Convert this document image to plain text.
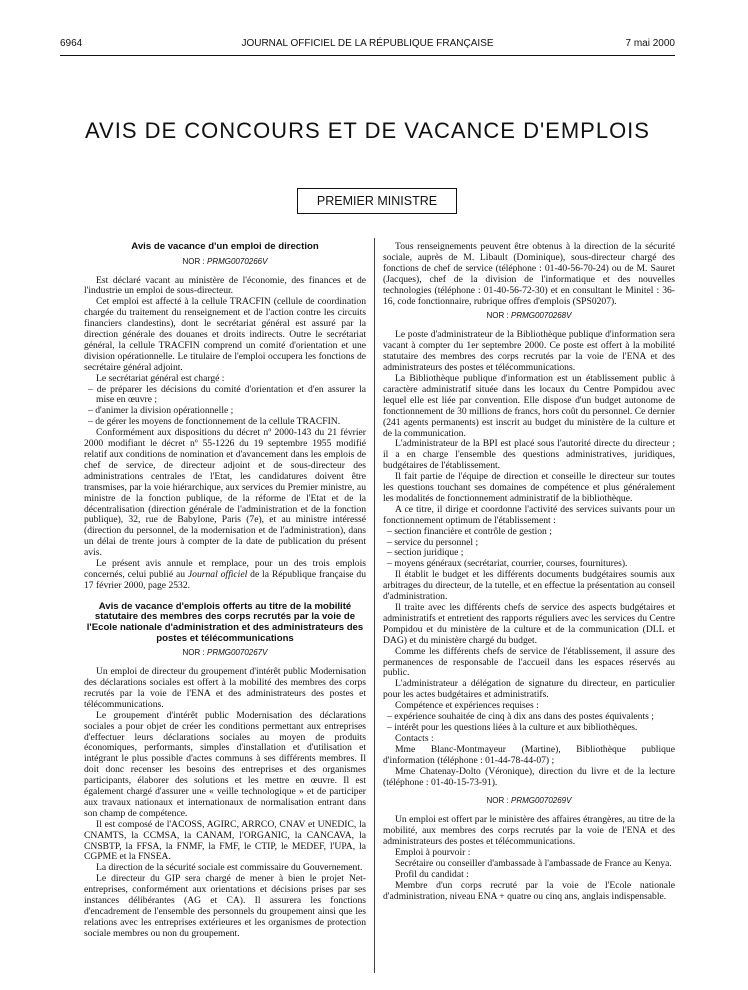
6964	JOURNAL OFFICIEL DE LA RÉPUBLIQUE FRANÇAISE	7 mai 2000
AVIS DE CONCOURS ET DE VACANCE D'EMPLOIS
PREMIER MINISTRE
Avis de vacance d'un emploi de direction
NOR : PRMG0070266V

Est déclaré vacant au ministère de l'économie, des finances et de l'industrie un emploi de sous-directeur.

Cet emploi est affecté à la cellule TRACFIN (cellule de coordination chargée du traitement du renseignement et de l'action contre les circuits financiers clandestins), dont le secrétariat général est assuré par la direction générale des douanes et droits indirects. Outre le secrétariat général, la cellule TRACFIN comprend un comité d'orientation et une division opérationnelle. Le titulaire de l'emploi occupera les fonctions de secrétaire général adjoint.

Le secrétariat général est chargé :

– de préparer les décisions du comité d'orientation et d'en assurer la mise en œuvre ;
– d'animer la division opérationnelle ;
– de gérer les moyens de fonctionnement de la cellule TRACFIN.

Conformément aux dispositions du décret nº 2000-143 du 21 février 2000 modifiant le décret nº 55-1226 du 19 septembre 1955 modifié relatif aux conditions de nomination et d'avancement dans les emplois de chef de service, de directeur adjoint et de sous-directeur des administrations centrales de l'Etat, les candidatures doivent être transmises, par la voie hiérarchique, aux services du Premier ministre, au ministre de la fonction publique, de la réforme de l'Etat et de la décentralisation (direction générale de l'administration et de la fonction publique), 32, rue de Babylone, Paris (7e), et au ministre intéressé (direction du personnel, de la modernisation et de l'administration), dans un délai de trente jours à compter de la date de publication du présent avis.

Le présent avis annule et remplace, pour un des trois emplois concernés, celui publié au Journal officiel de la République française du 17 février 2000, page 2532.

Avis de vacance d'emplois offerts au titre de la mobilité statutaire des membres des corps recrutés par la voie de l'Ecole nationale d'administration et des administrateurs des postes et télécommunications
NOR : PRMG0070267V

Un emploi de directeur du groupement d'intérêt public Modernisation des déclarations sociales est offert à la mobilité des membres des corps recrutés par la voie de l'ENA et des administrateurs des postes et télécommunications.

Le groupement d'intérêt public Modernisation des déclarations sociales a pour objet de créer les conditions permettant aux entreprises d'effectuer leurs déclarations sociales au moyen de produits économiques, performants, simples d'installation et d'utilisation et intégrant le plus possible d'actes communs à ses différents membres. Il doit donc recenser les besoins des entreprises et des organismes participants, élaborer des solutions et les mettre en œuvre. Il est également chargé d'assurer une « veille technologique » et de participer aux travaux nationaux et internationaux de normalisation entrant dans son champ de compétence.

Il est composé de l'ACOSS, AGIRC, ARRCO, CNAV et UNEDIC, la CNAMTS, la CCMSA, la CANAM, l'ORGANIC, la CANCAVA, la CNSBTP, la FFSA, la FNMF, la FMF, le CTIP, le MEDEF, l'UPA, la CGPME et la FNSEA.

La direction de la sécurité sociale est commissaire du Gouvernement.

Le directeur du GIP sera chargé de mener à bien le projet Net-entreprises, conformément aux orientations et décisions prises par ses instances délibérantes (AG et CA). Il assurera les fonctions d'encadrement de l'ensemble des personnels du groupement ainsi que les relations avec les entreprises extérieures et les organismes de protection sociale membres ou non du groupement.

Tous renseignements peuvent être obtenus à la direction de la sécurité sociale, auprès de M. Libault (Dominique), sous-directeur chargé des fonctions de chef de service (téléphone : 01-40-56-70-24) ou de M. Sauret (Jacques), chef de la division de l'informatique et des nouvelles technologies (téléphone : 01-40-56-72-30) et en consultant le Minitel : 36-16, code fonctionnaire, rubrique offres d'emplois (SPS0207).

NOR : PRMG0070268V

Le poste d'administrateur de la Bibliothèque publique d'information sera vacant à compter du 1er septembre 2000. Ce poste est offert à la mobilité statutaire des membres des corps recrutés par la voie de l'ENA et des administrateurs des postes et télécommunications.

La Bibliothèque publique d'information est un établissement public à caractère administratif située dans les locaux du Centre Pompidou avec lequel elle est liée par convention. Elle dispose d'un budget autonome de fonctionnement de 30 millions de francs, hors coût du personnel. Ce dernier (241 agents permanents) est inscrit au budget du ministère de la culture et de la communication.

L'administrateur de la BPI est placé sous l'autorité directe du directeur ; il a en charge l'ensemble des questions administratives, juridiques, budgétaires de l'établissement.

Il fait partie de l'équipe de direction et conseille le directeur sur toutes les questions touchant ses domaines de compétence et plus généralement les modalités de fonctionnement administratif de la bibliothèque.

A ce titre, il dirige et coordonne l'activité des services suivants pour un fonctionnement optimum de l'établissement :

– section financière et contrôle de gestion ;
– service du personnel ;
– section juridique ;
– moyens généraux (secrétariat, courrier, courses, fournitures).

Il établit le budget et les différents documents budgétaires soumis aux arbitrages du directeur, de la tutelle, et en effectue la présentation au conseil d'administration.

Il traite avec les différents chefs de service des aspects budgétaires et administratifs et entretient des rapports réguliers avec les services du Centre Pompidou et du ministère de la culture et de la communication (DLL et DAG) et du ministère chargé du budget.

Comme les différents chefs de service de l'établissement, il assure des permanences de responsable de l'accueil dans les espaces réservés au public.

L'administrateur a délégation de signature du directeur, en particulier pour les actes budgétaires et administratifs.

Compétence et expériences requises :

– expérience souhaitée de cinq à dix ans dans des postes équivalents ;
– intérêt pour les questions liées à la culture et aux bibliothèques.

Contacts :

Mme Blanc-Montmayeur (Martine), Bibliothèque publique d'information (téléphone : 01-44-78-44-07) ;

Mme Chatenay-Dolto (Véronique), direction du livre et de la lecture (téléphone : 01-40-15-73-91).

NOR : PRMG0070269V

Un emploi est offert par le ministère des affaires étrangères, au titre de la mobilité, aux membres des corps recrutés par la voie de l'ENA et des administrateurs des postes et télécommunications.

Emploi à pourvoir :

Secrétaire ou conseiller d'ambassade à l'ambassade de France au Kenya.

Profil du candidat :

Membre d'un corps recruté par la voie de l'Ecole nationale d'administration, niveau ENA + quatre ou cinq ans, anglais indispensable.
